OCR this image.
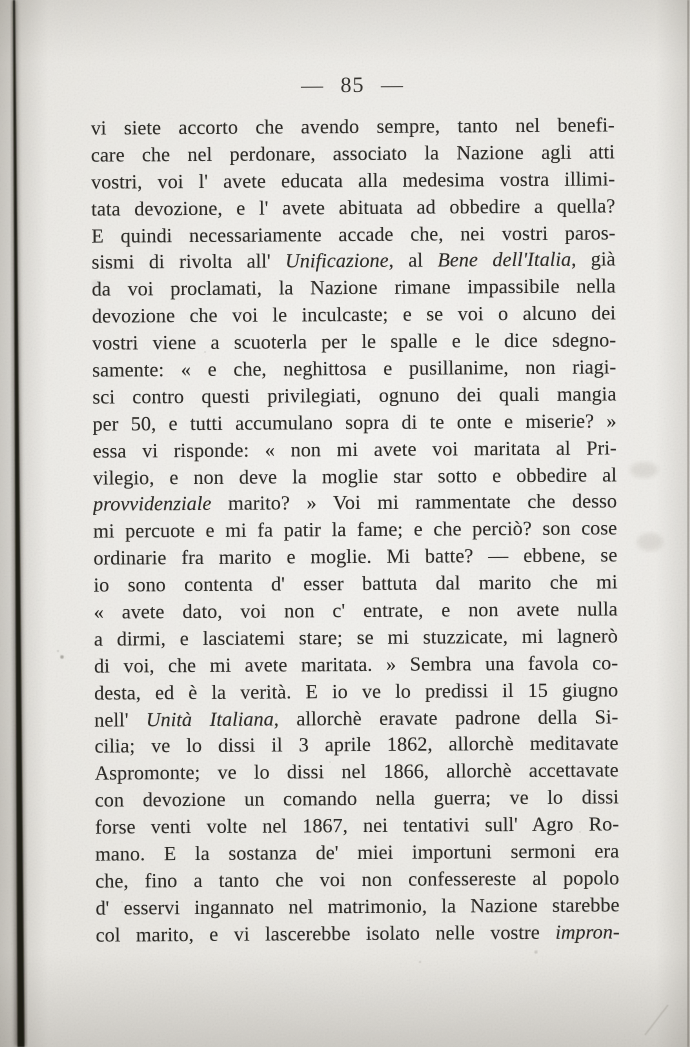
— 85 —
vi siete accorto che avendo sempre, tanto nel benefi-
care che nel perdonare, associato la Nazione agli atti
vostri, voi l' avete educata alla medesima vostra illimi-
tata devozione, e l' avete abituata ad obbedire a quella?
E quindi necessariamente accade che, nei vostri paros-
sismi di rivolta all' Unificazione, al Bene dell'Italia, già
da voi proclamati, la Nazione rimane impassibile nella
devozione che voi le inculcaste; e se voi o alcuno dei
vostri viene a scuoterla per le spalle e le dice sdegno-
samente: « e che, neghittosa e pusillanime, non riagi-
sci contro questi privilegiati, ognuno dei quali mangia
per 50, e tutti accumulano sopra di te onte e miserie? »
essa vi risponde: « non mi avete voi maritata al Pri-
vilegio, e non deve la moglie star sotto e obbedire al
provvidenziale marito? » Voi mi rammentate che desso
mi percuote e mi fa patir la fame; e che perciò? son cose
ordinarie fra marito e moglie. Mi batte? — ebbene, se
io sono contenta d' esser battuta dal marito che mi
« avete dato, voi non c' entrate, e non avete nulla
a dirmi, e lasciatemi stare; se mi stuzzicate, mi lagnerò
di voi, che mi avete maritata. » Sembra una favola co-
desta, ed è la verità. E io ve lo predissi il 15 giugno
nell' Unità Italiana, allorchè eravate padrone della Si-
cilia; ve lo dissi il 3 aprile 1862, allorchè meditavate
Aspromonte; ve lo dissi nel 1866, allorchè accettavate
con devozione un comando nella guerra; ve lo dissi
forse venti volte nel 1867, nei tentativi sull' Agro Ro-
mano. E la sostanza de' miei importuni sermoni era
che, fino a tanto che voi non confessereste al popolo
d' esservi ingannato nel matrimonio, la Nazione starebbe
col marito, e vi lascerebbe isolato nelle vostre impron-
